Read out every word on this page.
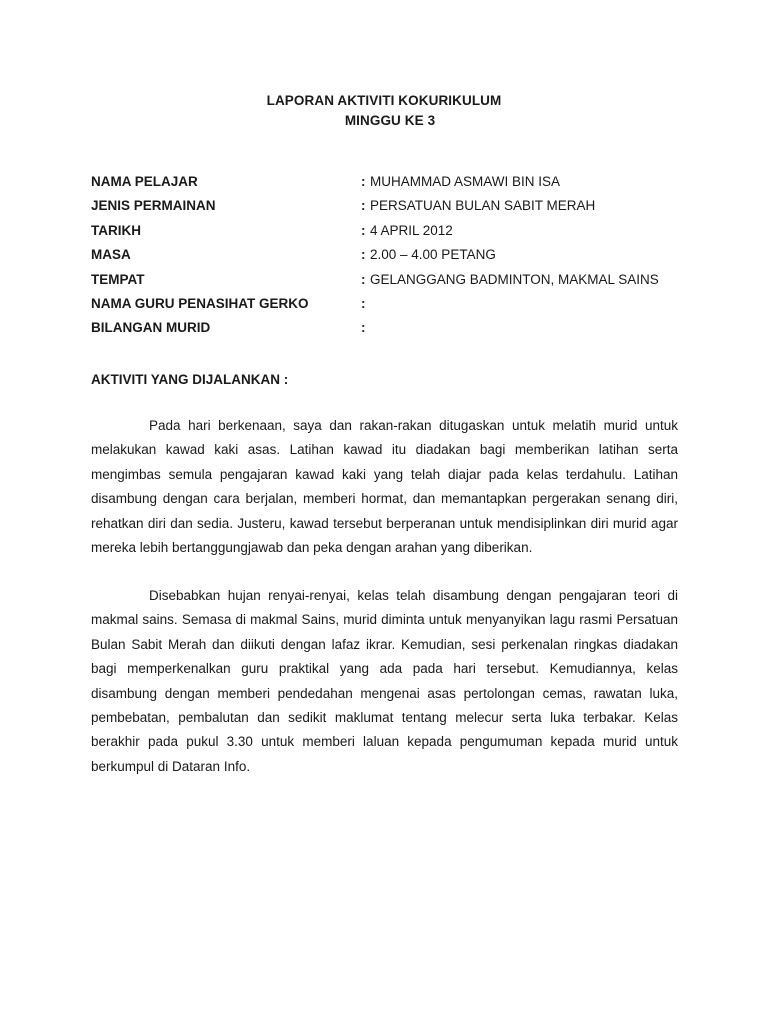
LAPORAN AKTIVITI KOKURIKULUM
MINGGU KE 3
NAMA PELAJAR	: MUHAMMAD ASMAWI BIN ISA
JENIS PERMAINAN	: PERSATUAN BULAN SABIT MERAH
TARIKH	: 4 APRIL 2012
MASA	: 2.00 – 4.00 PETANG
TEMPAT	: GELANGGANG BADMINTON, MAKMAL SAINS
NAMA GURU PENASIHAT GERKO	:
BILANGAN MURID	:
AKTIVITI YANG DIJALANKAN :

Pada hari berkenaan, saya dan rakan-rakan ditugaskan untuk melatih murid untuk melakukan kawad kaki asas. Latihan kawad itu diadakan bagi memberikan latihan serta mengimbas semula pengajaran kawad kaki yang telah diajar pada kelas terdahulu. Latihan disambung dengan cara berjalan, memberi hormat, dan memantapkan pergerakan senang diri, rehatkan diri dan sedia. Justeru, kawad tersebut berperanan untuk mendisiplinkan diri murid agar mereka lebih bertanggungjawab dan peka dengan arahan yang diberikan.

Disebabkan hujan renyai-renyai, kelas telah disambung dengan pengajaran teori di makmal sains. Semasa di makmal Sains, murid diminta untuk menyanyikan lagu rasmi Persatuan Bulan Sabit Merah dan diikuti dengan lafaz ikrar. Kemudian, sesi perkenalan ringkas diadakan bagi memperkenalkan guru praktikal yang ada pada hari tersebut. Kemudiannya, kelas disambung dengan memberi pendedahan mengenai asas pertolongan cemas, rawatan luka, pembebatan, pembalutan dan sedikit maklumat tentang melecur serta luka terbakar. Kelas berakhir pada pukul 3.30 untuk memberi laluan kepada pengumuman kepada murid untuk berkumpul di Dataran Info.
